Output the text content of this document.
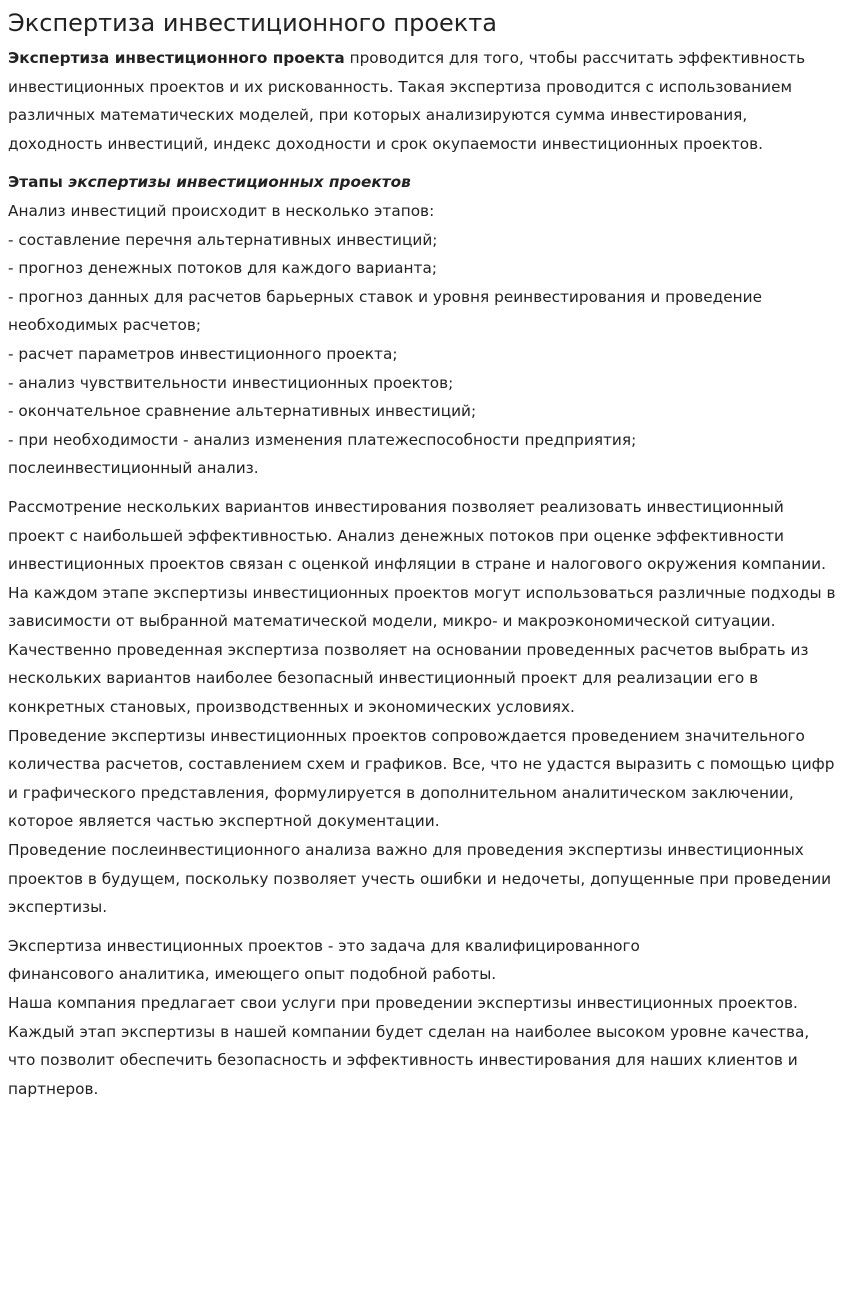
Экспертиза инвестиционного проекта

Экспертиза инвестиционного проекта проводится для того, чтобы рассчитать эффективность инвестиционных проектов и их рискованность. Такая экспертиза проводится с использованием различных математических моделей, при которых анализируются сумма инвестирования, доходность инвестиций, индекс доходности и срок окупаемости инвестиционных проектов.

Этапы экспертизы инвестиционных проектов
Анализ инвестиций происходит в несколько этапов:
- составление перечня альтернативных инвестиций;
- прогноз денежных потоков для каждого варианта;
- прогноз данных для расчетов барьерных ставок и уровня реинвестирования и проведение необходимых расчетов;
- расчет параметров инвестиционного проекта;
- анализ чувствительности инвестиционных проектов;
- окончательное сравнение альтернативных инвестиций;
- при необходимости - анализ изменения платежеспособности предприятия;
послеинвестиционный анализ.

Рассмотрение нескольких вариантов инвестирования позволяет реализовать инвестиционный проект с наибольшей эффективностью. Анализ денежных потоков при оценке эффективности инвестиционных проектов связан с оценкой инфляции в стране и налогового окружения компании.
На каждом этапе экспертизы инвестиционных проектов могут использоваться различные подходы в зависимости от выбранной математической модели, микро- и макроэкономической ситуации.
Качественно проведенная экспертиза позволяет на основании проведенных расчетов выбрать из нескольких вариантов наиболее безопасный инвестиционный проект для реализации его в конкретных становых, производственных и экономических условиях.
Проведение экспертизы инвестиционных проектов сопровождается проведением значительного количества расчетов, составлением схем и графиков. Все, что не удастся выразить с помощью цифр и графического представления, формулируется в дополнительном аналитическом заключении, которое является частью экспертной документации.
Проведение послеинвестиционного анализа важно для проведения экспертизы инвестиционных проектов в будущем, поскольку позволяет учесть ошибки и недочеты, допущенные при проведении экспертизы.

Экспертиза инвестиционных проектов - это задача для квалифицированного
финансового аналитика, имеющего опыт подобной работы.
Наша компания предлагает свои услуги при проведении экспертизы инвестиционных проектов.
Каждый этап экспертизы в нашей компании будет сделан на наиболее высоком уровне качества, что позволит обеспечить безопасность и эффективность инвестирования для наших клиентов и партнеров.
